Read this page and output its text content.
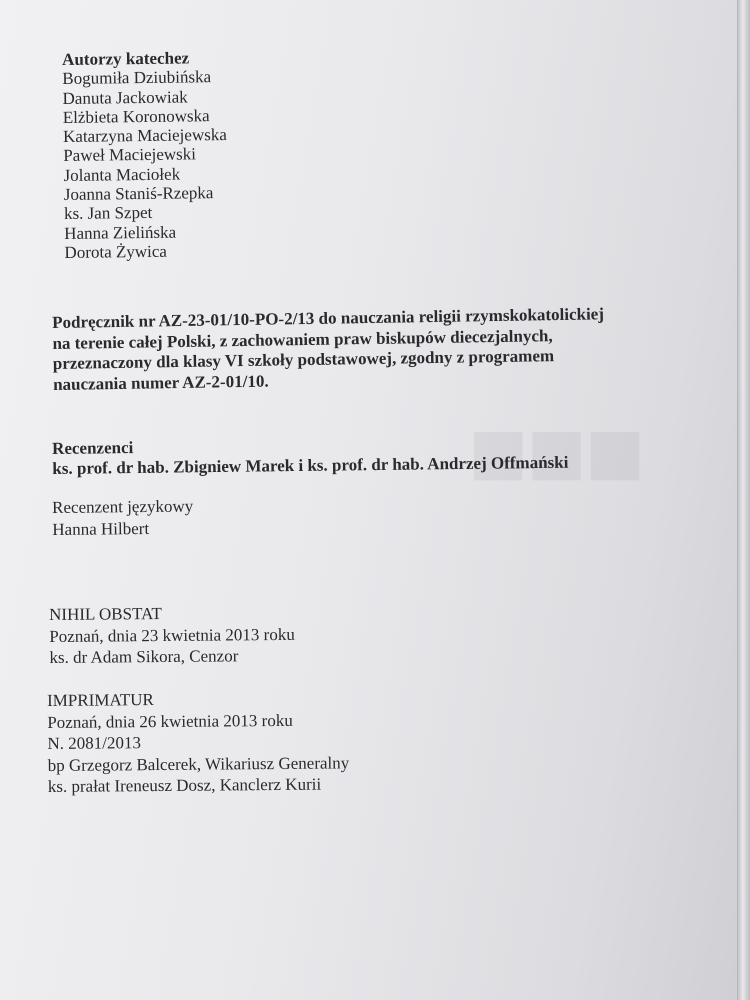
■■■
Autorzy katechez
Bogumiła Dziubińska
Danuta Jackowiak
Elżbieta Koronowska
Katarzyna Maciejewska
Paweł Maciejewski
Jolanta Maciołek
Joanna Staniś-Rzepka
ks. Jan Szpet
Hanna Zielińska
Dorota Żywica
Podręcznik nr AZ-23-01/10-PO-2/13 do nauczania religii rzymskokatolickiej
na terenie całej Polski, z zachowaniem praw biskupów diecezjalnych,
przeznaczony dla klasy VI szkoły podstawowej, zgodny z programem
nauczania numer AZ-2-01/10.
Recenzenci
ks. prof. dr hab. Zbigniew Marek i ks. prof. dr hab. Andrzej Offmański
Recenzent językowy
Hanna Hilbert
NIHIL OBSTAT
Poznań, dnia 23 kwietnia 2013 roku
ks. dr Adam Sikora, Cenzor
IMPRIMATUR
Poznań, dnia 26 kwietnia 2013 roku
N. 2081/2013
bp Grzegorz Balcerek, Wikariusz Generalny
ks. prałat Ireneusz Dosz, Kanclerz Kurii
